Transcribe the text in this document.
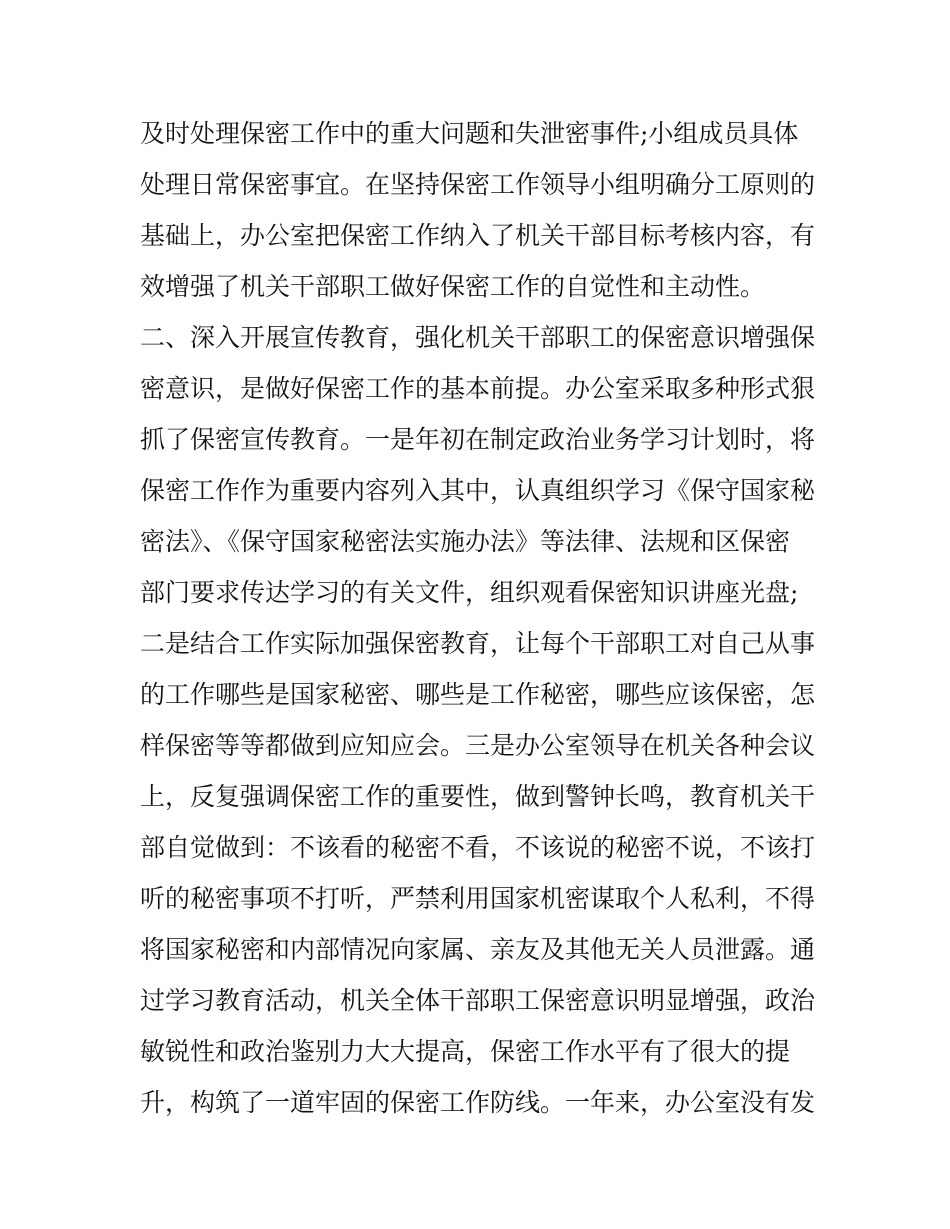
及时处理保密工作中的重大问题和失泄密事件;小组成员具体
处理日常保密事宜。在坚持保密工作领导小组明确分工原则的
基础上，办公室把保密工作纳入了机关干部目标考核内容，有
效增强了机关干部职工做好保密工作的自觉性和主动性。
二、深入开展宣传教育，强化机关干部职工的保密意识增强保
密意识，是做好保密工作的基本前提。办公室采取多种形式狠
抓了保密宣传教育。一是年初在制定政治业务学习计划时，将
保密工作作为重要内容列入其中，认真组织学习《保守国家秘
密法》、《保守国家秘密法实施办法》等法律、法规和区保密
部门要求传达学习的有关文件，组织观看保密知识讲座光盘;
二是结合工作实际加强保密教育，让每个干部职工对自己从事
的工作哪些是国家秘密、哪些是工作秘密，哪些应该保密，怎
样保密等等都做到应知应会。三是办公室领导在机关各种会议
上，反复强调保密工作的重要性，做到警钟长鸣，教育机关干
部自觉做到：不该看的秘密不看，不该说的秘密不说，不该打
听的秘密事项不打听，严禁利用国家机密谋取个人私利，不得
将国家秘密和内部情况向家属、亲友及其他无关人员泄露。通
过学习教育活动，机关全体干部职工保密意识明显增强，政治
敏锐性和政治鉴别力大大提高，保密工作水平有了很大的提
升，构筑了一道牢固的保密工作防线。一年来，办公室没有发
